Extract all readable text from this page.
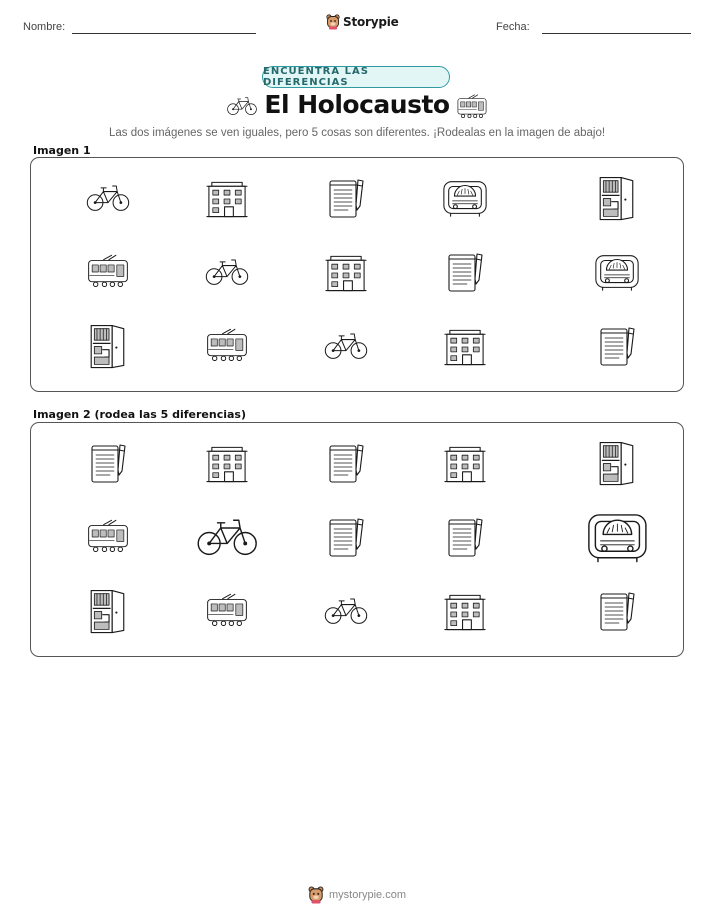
Nombre:	Storypie	Fecha:
ENCUENTRA LAS DIFERENCIAS
El Holocausto
Las dos imágenes se ven iguales, pero 5 cosas son diferentes. ¡Rodealas en la imagen de abajo!
Imagen 1
Imagen 2 (rodea las 5 diferencias)
mystorypie.com
